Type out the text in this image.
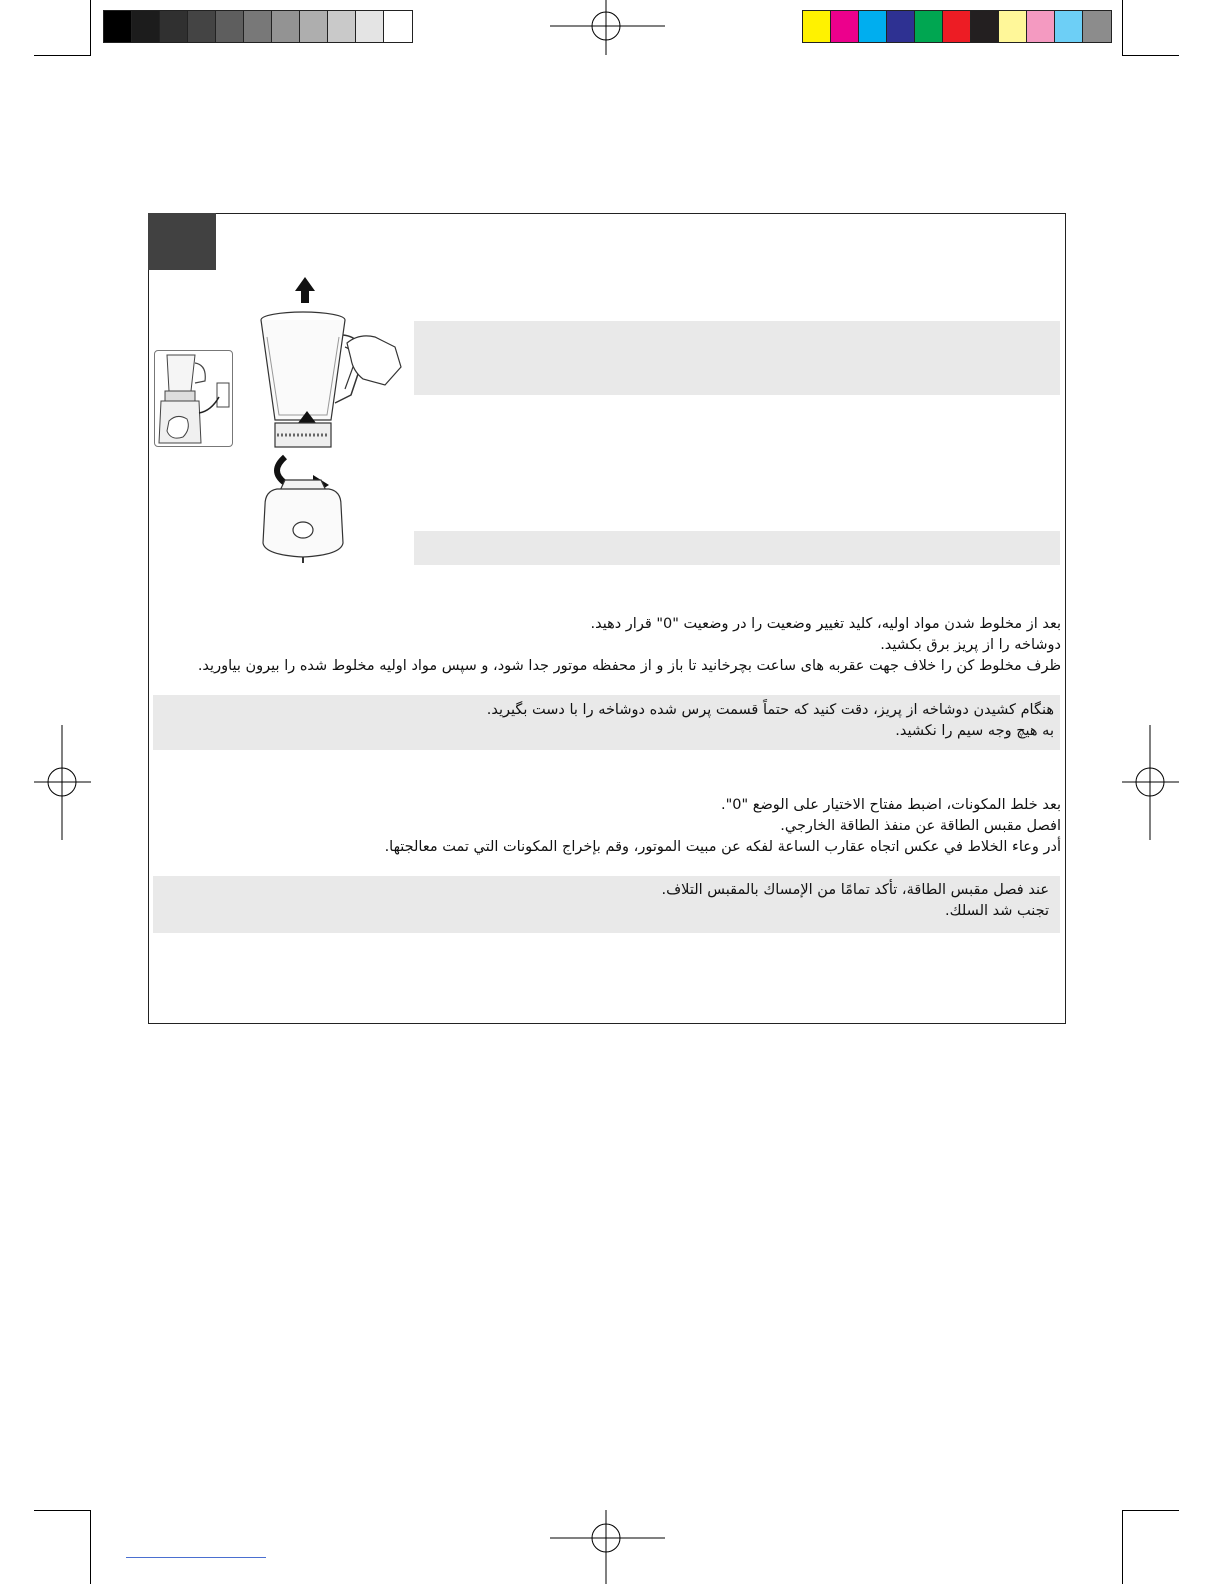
بعد از مخلوط شدن مواد اولیه، کلید تغییر وضعیت را در وضعیت "0" قرار دهید.
دوشاخه را از پریز برق بکشید.
ظرف مخلوط کن را خلاف جهت عقربه های ساعت بچرخانید تا باز و از محفظه موتور جدا شود، و سپس مواد اولیه مخلوط شده را بیرون بیاورید.
هنگام کشیدن دوشاخه از پریز، دقت کنید که حتماً قسمت پرس شده دوشاخه را با دست بگیرید.
به هیچ وجه سیم را نکشید.
بعد خلط المكونات، اضبط مفتاح الاختيار على الوضع "0".
افصل مقبس الطاقة عن منفذ الطاقة الخارجي.
أدر وعاء الخلاط في عكس اتجاه عقارب الساعة لفكه عن مبيت الموتور، وقم بإخراج المكونات التي تمت معالجتها.
عند فصل مقبس الطاقة، تأكد تمامًا من الإمساك بالمقبس التلاف.
تجنب شد السلك.
